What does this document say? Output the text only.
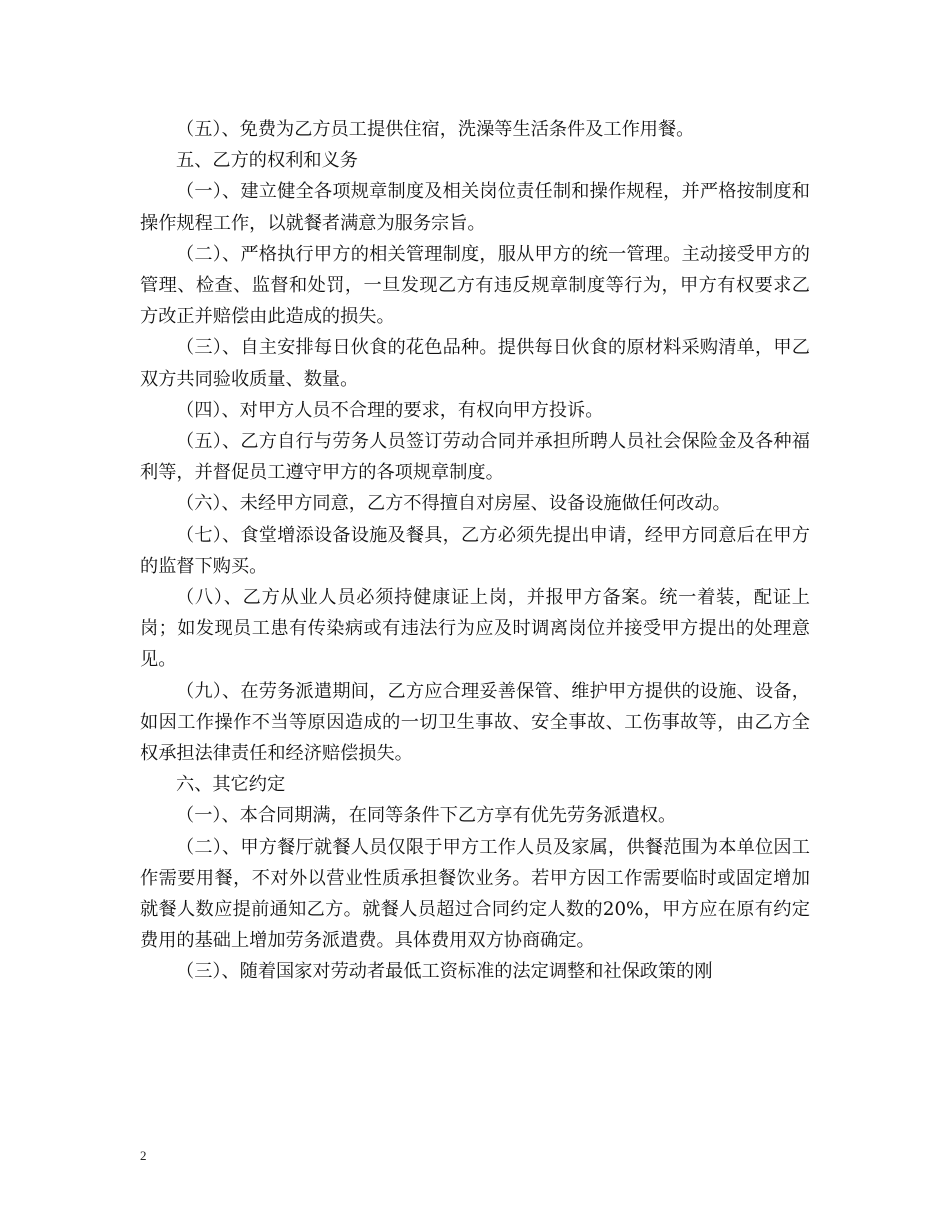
（五）、免费为乙方员工提供住宿，洗澡等生活条件及工作用餐。

五、乙方的权利和义务

（一）、建立健全各项规章制度及相关岗位责任制和操作规程，并严格按制度和操作规程工作，以就餐者满意为服务宗旨。

（二）、严格执行甲方的相关管理制度，服从甲方的统一管理。主动接受甲方的管理、检查、监督和处罚，一旦发现乙方有违反规章制度等行为，甲方有权要求乙方改正并赔偿由此造成的损失。

（三）、自主安排每日伙食的花色品种。提供每日伙食的原材料采购清单，甲乙双方共同验收质量、数量。

（四）、对甲方人员不合理的要求，有权向甲方投诉。

（五）、乙方自行与劳务人员签订劳动合同并承担所聘人员社会保险金及各种福利等，并督促员工遵守甲方的各项规章制度。

（六）、未经甲方同意，乙方不得擅自对房屋、设备设施做任何改动。

（七）、食堂增添设备设施及餐具，乙方必须先提出申请，经甲方同意后在甲方的监督下购买。

（八）、乙方从业人员必须持健康证上岗，并报甲方备案。统一着装，配证上岗；如发现员工患有传染病或有违法行为应及时调离岗位并接受甲方提出的处理意见。

（九）、在劳务派遣期间，乙方应合理妥善保管、维护甲方提供的设施、设备，如因工作操作不当等原因造成的一切卫生事故、安全事故、工伤事故等，由乙方全权承担法律责任和经济赔偿损失。

六、其它约定

（一）、本合同期满，在同等条件下乙方享有优先劳务派遣权。

（二）、甲方餐厅就餐人员仅限于甲方工作人员及家属，供餐范围为本单位因工作需要用餐，不对外以营业性质承担餐饮业务。若甲方因工作需要临时或固定增加就餐人数应提前通知乙方。就餐人员超过合同约定人数的20%，甲方应在原有约定费用的基础上增加劳务派遣费。具体费用双方协商确定。

（三）、随着国家对劳动者最低工资标准的法定调整和社保政策的刚

2
